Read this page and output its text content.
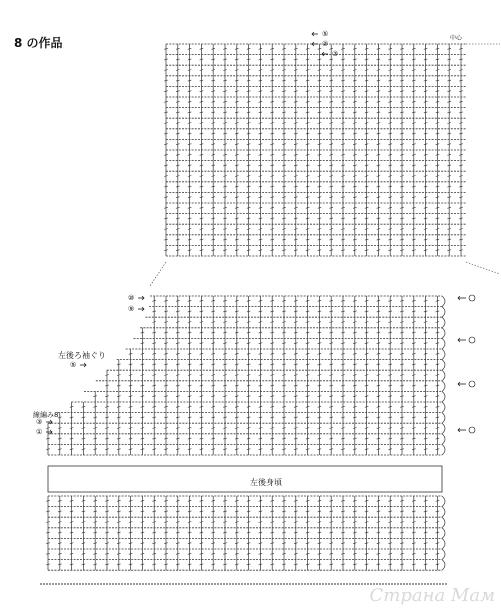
8 の作品	中心
左後ろ袖ぐり
線編み8
左後身頃
Страна Мам
⑩
⑨
⑤
③
①
⑤
②
③
